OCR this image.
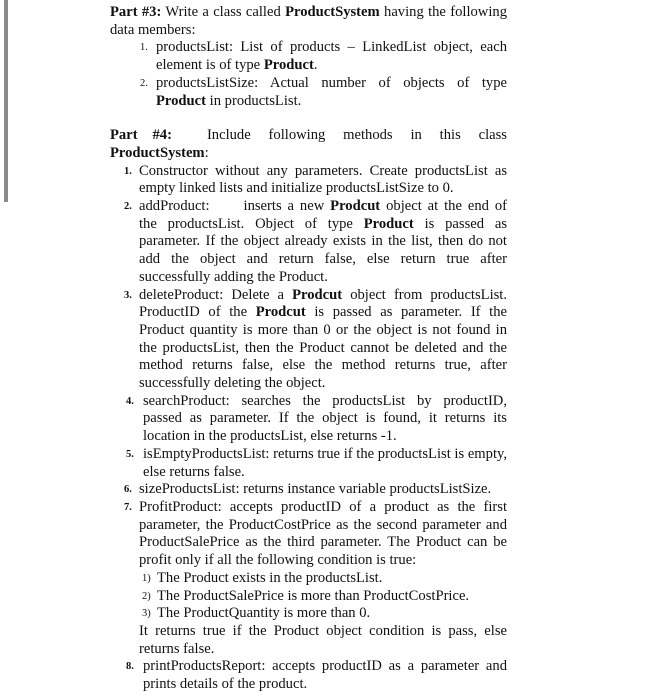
Part #3: Write a class called ProductSystem having the following data members:

1. productsList: List of products – LinkedList object, each element is of type Product.
2. productsListSize: Actual number of objects of type Product in productsList.

Part #4: Include following methods in this class ProductSystem:

1. Constructor without any parameters. Create productsList as empty linked lists and initialize productsListSize to 0.
2. addProduct: inserts a new Prodcut object at the end of the productsList. Object of type Product is passed as parameter. If the object already exists in the list, then do not add the object and return false, else return true after successfully adding the Product.
3. deleteProduct: Delete a Prodcut object from productsList. ProductID of the Prodcut is passed as parameter. If the Product quantity is more than 0 or the object is not found in the productsList, then the Product cannot be deleted and the method returns false, else the method returns true, after successfully deleting the object.
4. searchProduct: searches the productsList by productID, passed as parameter. If the object is found, it returns its location in the productsList, else returns -1.
5. isEmptyProductsList: returns true if the productsList is empty, else returns false.
6. sizeProductsList: returns instance variable productsListSize.
7. ProfitProduct: accepts productID of a product as the first parameter, the ProductCostPrice as the second parameter and ProductSalePrice as the third parameter. The Product can be profit only if all the following condition is true:
1) The Product exists in the productsList.
2) The ProductSalePrice is more than ProductCostPrice.
3) The ProductQuantity is more than 0.
It returns true if the Product object condition is pass, else returns false.
8. printProductsReport: accepts productID as a parameter and prints details of the product.
